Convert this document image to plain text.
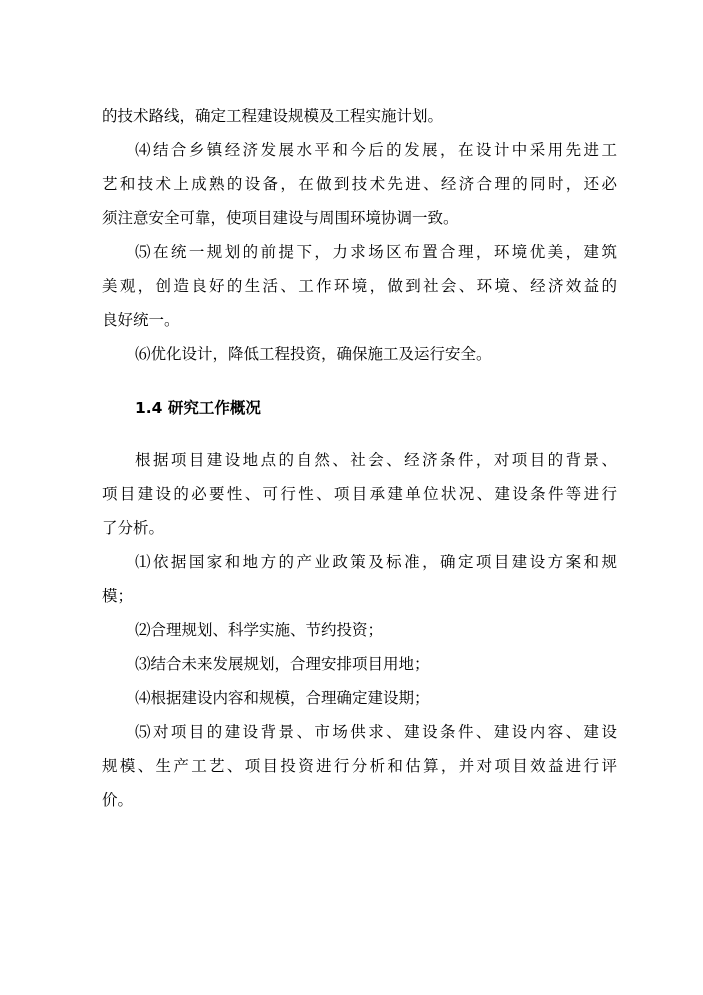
的技术路线，确定工程建设规模及工程实施计划。
⑷结合乡镇经济发展水平和今后的发展，在设计中采用先进工
艺和技术上成熟的设备，在做到技术先进、经济合理的同时，还必
须注意安全可靠，使项目建设与周围环境协调一致。
⑸在统一规划的前提下，力求场区布置合理，环境优美，建筑
美观，创造良好的生活、工作环境，做到社会、环境、经济效益的
良好统一。
⑹优化设计，降低工程投资，确保施工及运行安全。
1.4 研究工作概况
根据项目建设地点的自然、社会、经济条件，对项目的背景、
项目建设的必要性、可行性、项目承建单位状况、建设条件等进行
了分析。
⑴依据国家和地方的产业政策及标准，确定项目建设方案和规
模；
⑵合理规划、科学实施、节约投资；
⑶结合未来发展规划，合理安排项目用地；
⑷根据建设内容和规模，合理确定建设期；
⑸对项目的建设背景、市场供求、建设条件、建设内容、建设
规模、生产工艺、项目投资进行分析和估算，并对项目效益进行评
价。
